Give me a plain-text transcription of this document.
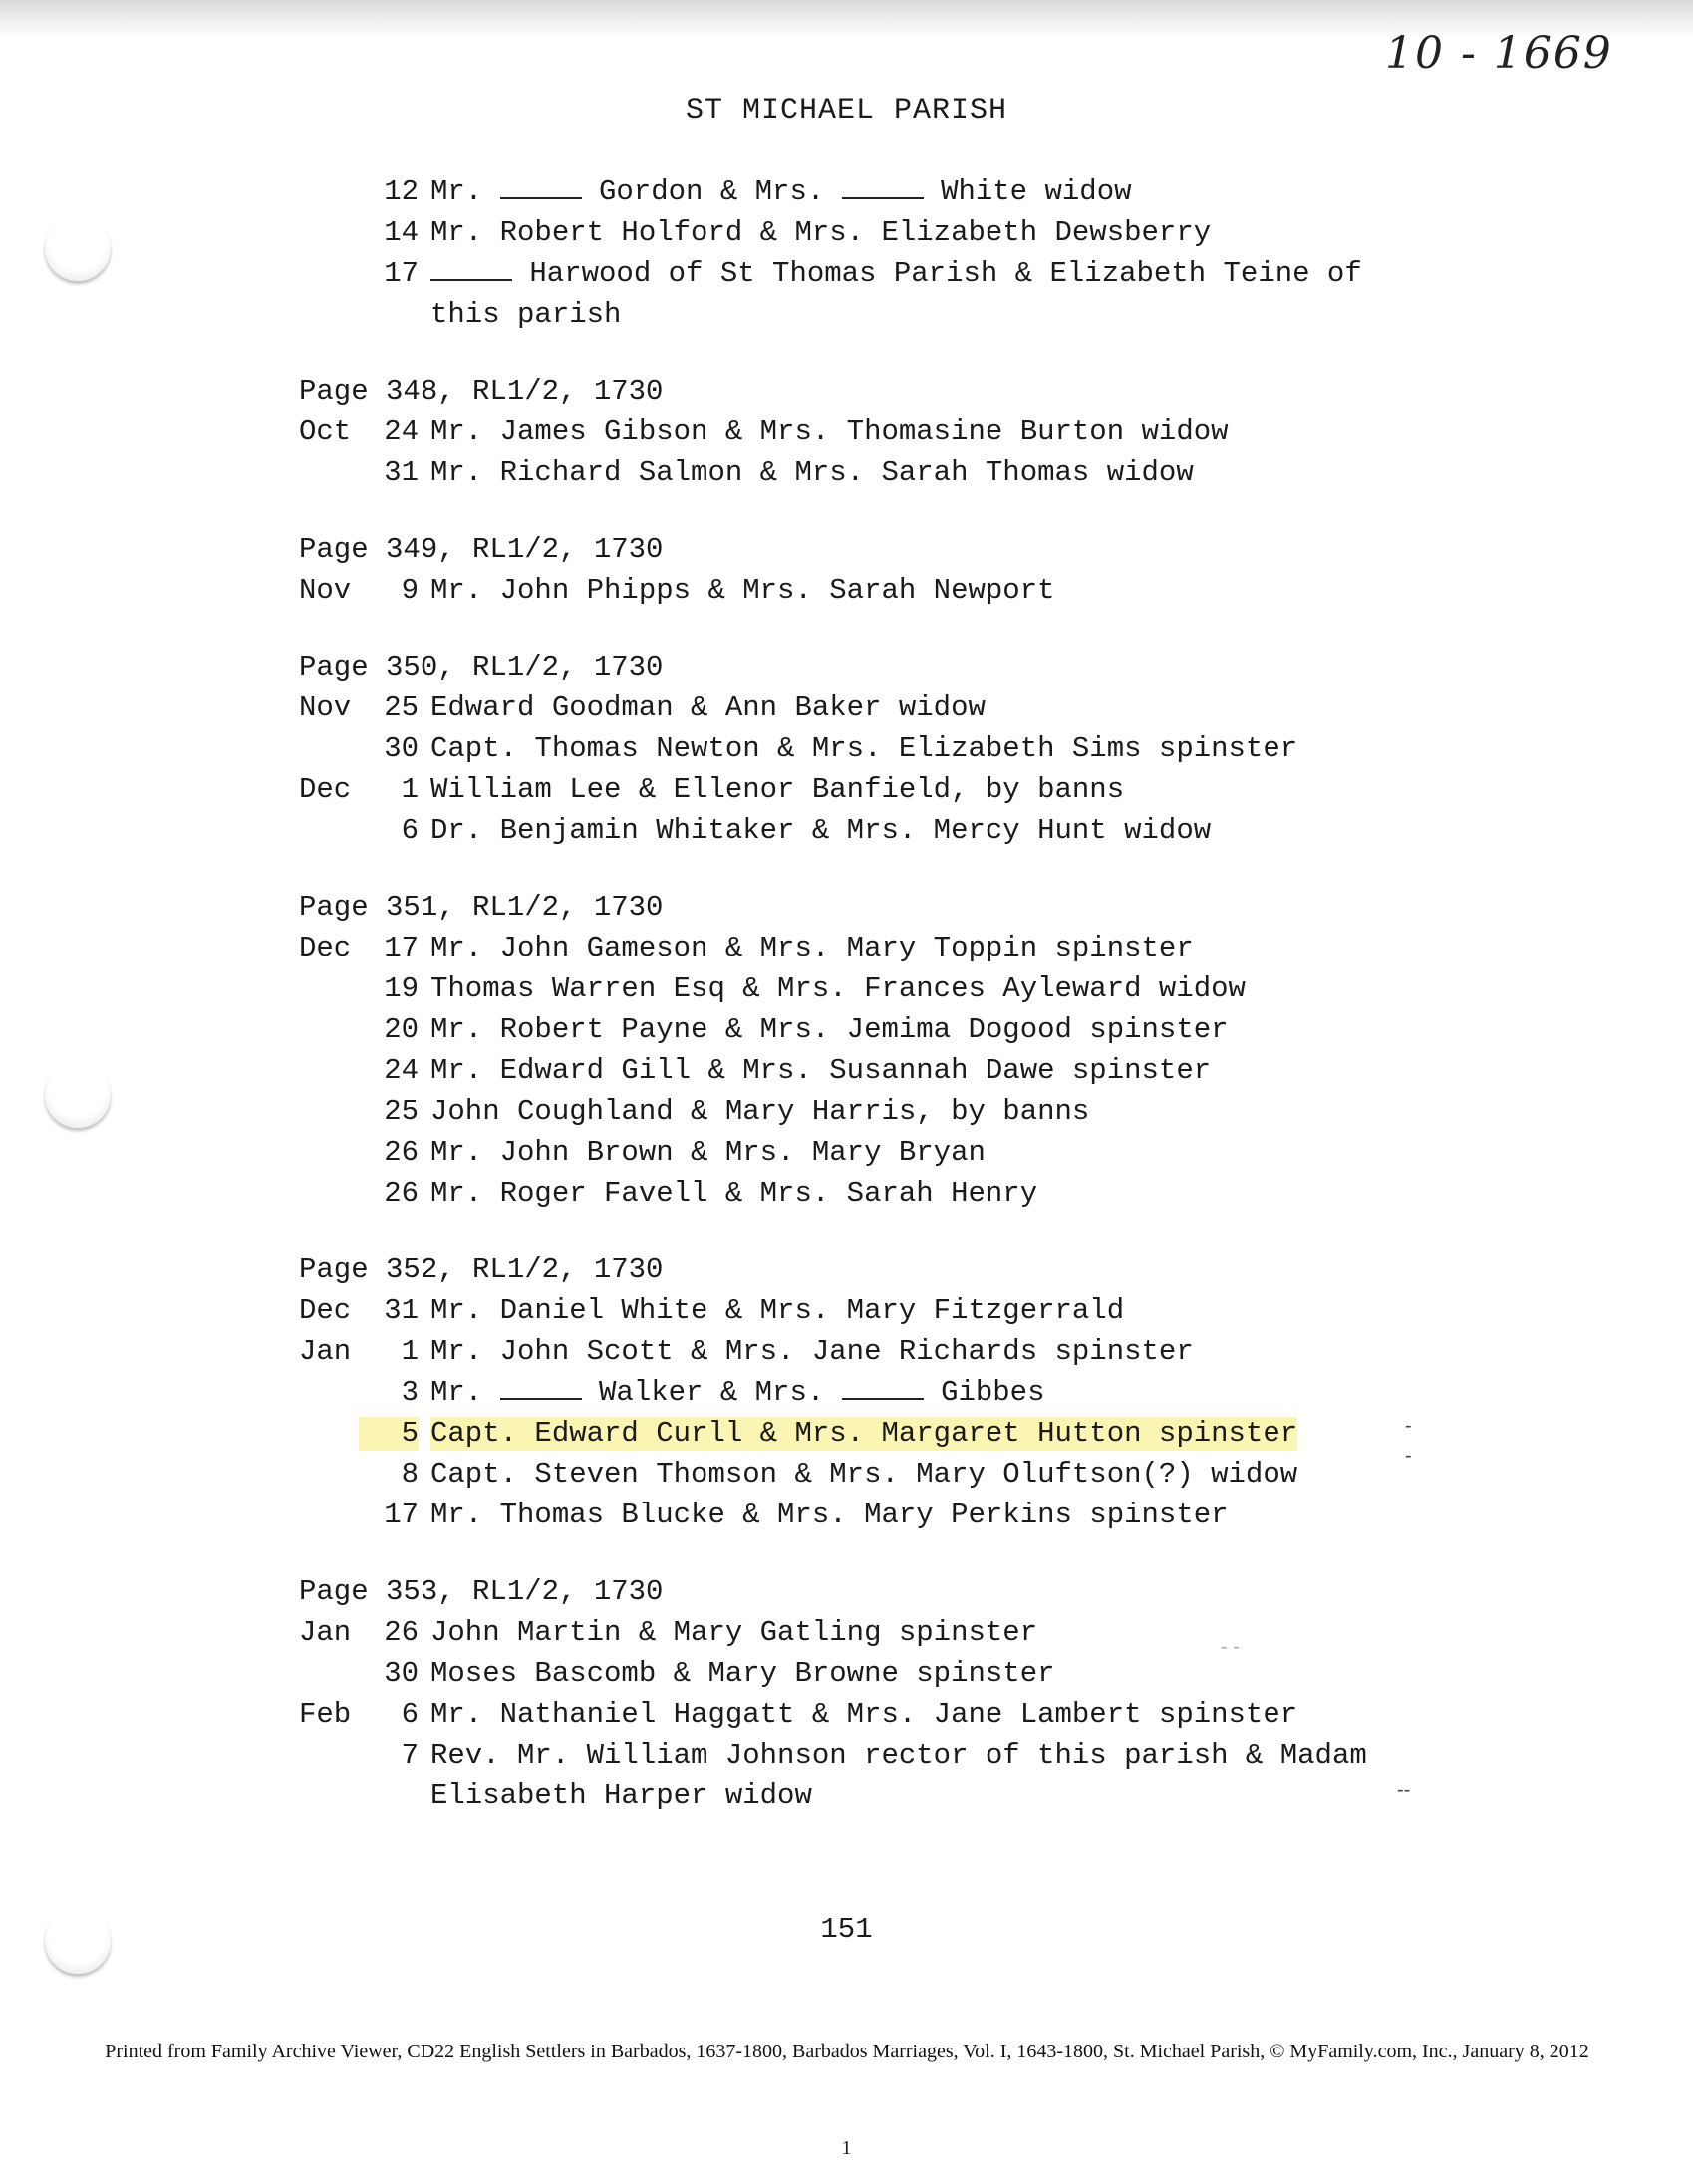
10 - 1669
ST MICHAEL PARISH
12 Mr.	Gordon & Mrs.	White widow
14 Mr. Robert Holford & Mrs. Elizabeth Dewsberry
17	Harwood of St Thomas Parish & Elizabeth Teine of
this parish
Page 348, RL1/2, 1730
Oct	24 Mr. James Gibson & Mrs. Thomasine Burton widow
31 Mr. Richard Salmon & Mrs. Sarah Thomas widow
Page 349, RL1/2, 1730
Nov	9 Mr. John Phipps & Mrs. Sarah Newport
Page 350, RL1/2, 1730
Nov	25 Edward Goodman & Ann Baker widow
30 Capt. Thomas Newton & Mrs. Elizabeth Sims spinster
Dec	1 William Lee & Ellenor Banfield, by banns
6 Dr. Benjamin Whitaker & Mrs. Mercy Hunt widow
Page 351, RL1/2, 1730
Dec	17 Mr. John Gameson & Mrs. Mary Toppin spinster
19 Thomas Warren Esq & Mrs. Frances Ayleward widow
20 Mr. Robert Payne & Mrs. Jemima Dogood spinster
24 Mr. Edward Gill & Mrs. Susannah Dawe spinster
25 John Coughland & Mary Harris, by banns
26 Mr. John Brown & Mrs. Mary Bryan
26 Mr. Roger Favell & Mrs. Sarah Henry
Page 352, RL1/2, 1730
Dec	31 Mr. Daniel White & Mrs. Mary Fitzgerrald
Jan	1 Mr. John Scott & Mrs. Jane Richards spinster
3 Mr.	Walker & Mrs.	Gibbes
5 Capt. Edward Curll & Mrs. Margaret Hutton spinster
8 Capt. Steven Thomson & Mrs. Mary Oluftson(?) widow
17 Mr. Thomas Blucke & Mrs. Mary Perkins spinster
Page 353, RL1/2, 1730
Jan	26 John Martin & Mary Gatling spinster
30 Moses Bascomb & Mary Browne spinster
Feb	6 Mr. Nathaniel Haggatt & Mrs. Jane Lambert spinster
7 Rev. Mr. William Johnson rector of this parish & Madam
Elisabeth Harper widow
151
Printed from Family Archive Viewer, CD22 English Settlers in Barbados, 1637-1800, Barbados Marriages, Vol. I, 1643-1800, St. Michael Parish, © MyFamily.com, Inc., January 8, 2012
1
-
-
- -
--
